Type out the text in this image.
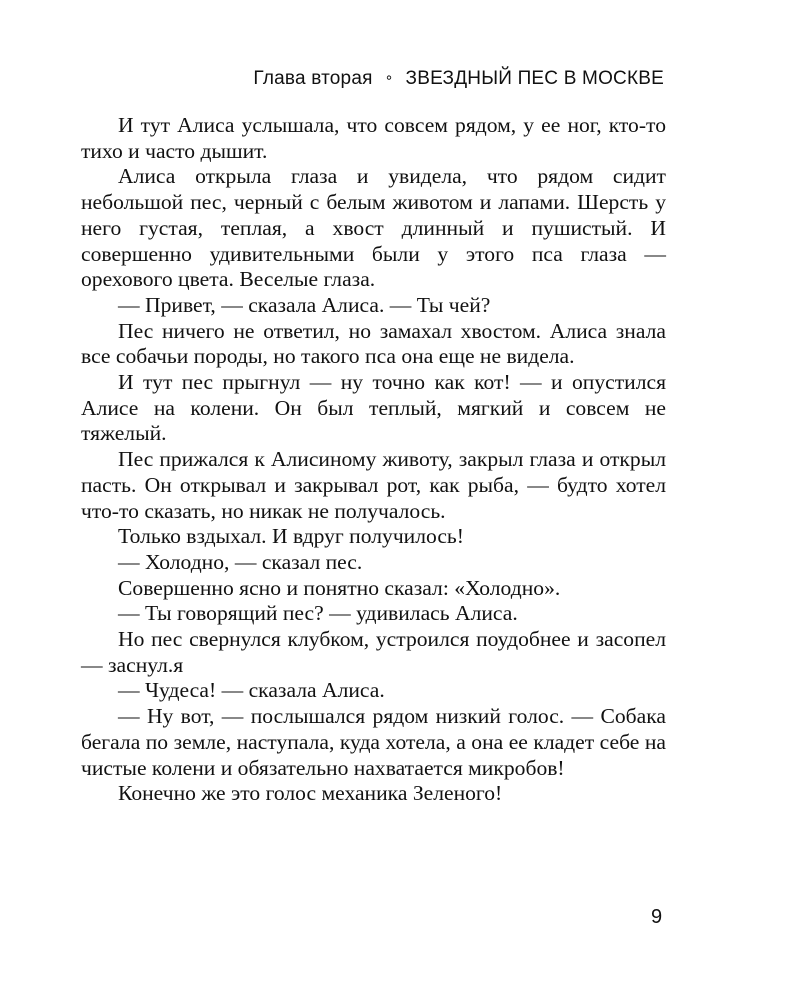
Глава вторая ∘ ЗВЕЗДНЫЙ ПЕС В МОСКВЕ

И тут Алиса услышала, что совсем рядом, у ее ног, кто-то тихо и часто дышит.

Алиса открыла глаза и увидела, что рядом сидит небольшой пес, черный с белым животом и лапами. Шерсть у него густая, теплая, а хвост длинный и пушистый. И совершенно удивительными были у этого пса глаза — орехового цвета. Веселые глаза.

— Привет, — сказала Алиса. — Ты чей?

Пес ничего не ответил, но замахал хвостом. Алиса знала все собачьи породы, но такого пса она еще не видела.

И тут пес прыгнул — ну точно как кот! — и опустился Алисе на колени. Он был теплый, мягкий и совсем не тяжелый.

Пес прижался к Алисиному животу, закрыл глаза и открыл пасть. Он открывал и закрывал рот, как рыба, — будто хотел что-то сказать, но никак не получалось.

Только вздыхал. И вдруг получилось!

— Холодно, — сказал пес.

Совершенно ясно и понятно сказал: «Холодно».

— Ты говорящий пес? — удивилась Алиса.

Но пес свернулся клубком, устроился поудобнее и засопел — заснул.я

— Чудеса! — сказала Алиса.

— Ну вот, — послышался рядом низкий голос. — Собака бегала по земле, наступала, куда хотела, а она ее кладет себе на чистые колени и обязательно нахватается микробов!

Конечно же это голос механика Зеленого!

9
